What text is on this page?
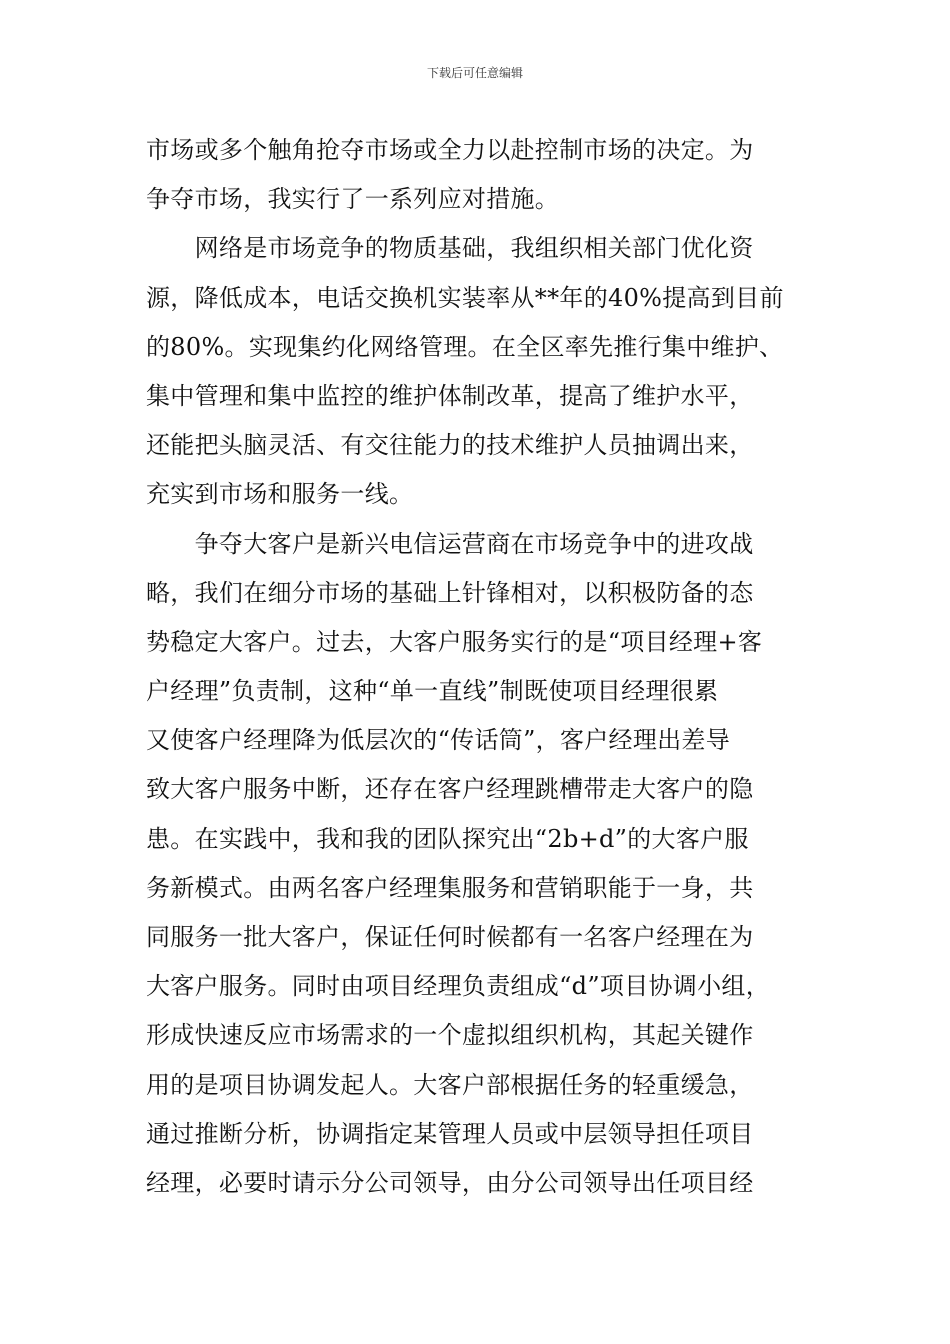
下载后可任意编辑
市场或多个触角抢夺市场或全力以赴控制市场的决定。为
争夺市场，我实行了一系列应对措施。
　　网络是市场竞争的物质基础，我组织相关部门优化资
源，降低成本，电话交换机实装率从**年的40%提高到目前
的80%。实现集约化网络管理。在全区率先推行集中维护、
集中管理和集中监控的维护体制改革，提高了维护水平，
还能把头脑灵活、有交往能力的技术维护人员抽调出来，
充实到市场和服务一线。
　　争夺大客户是新兴电信运营商在市场竞争中的进攻战
略，我们在细分市场的基础上针锋相对，以积极防备的态
势稳定大客户。过去，大客户服务实行的是“项目经理+客
户经理”负责制，这种“单一直线”制既使项目经理很累
又使客户经理降为低层次的“传话筒”，客户经理出差导
致大客户服务中断，还存在客户经理跳槽带走大客户的隐
患。在实践中，我和我的团队探究出“2b+d”的大客户服
务新模式。由两名客户经理集服务和营销职能于一身，共
同服务一批大客户，保证任何时候都有一名客户经理在为
大客户服务。同时由项目经理负责组成“d”项目协调小组，
形成快速反应市场需求的一个虚拟组织机构，其起关键作
用的是项目协调发起人。大客户部根据任务的轻重缓急，
通过推断分析，协调指定某管理人员或中层领导担任项目
经理，必要时请示分公司领导，由分公司领导出任项目经
